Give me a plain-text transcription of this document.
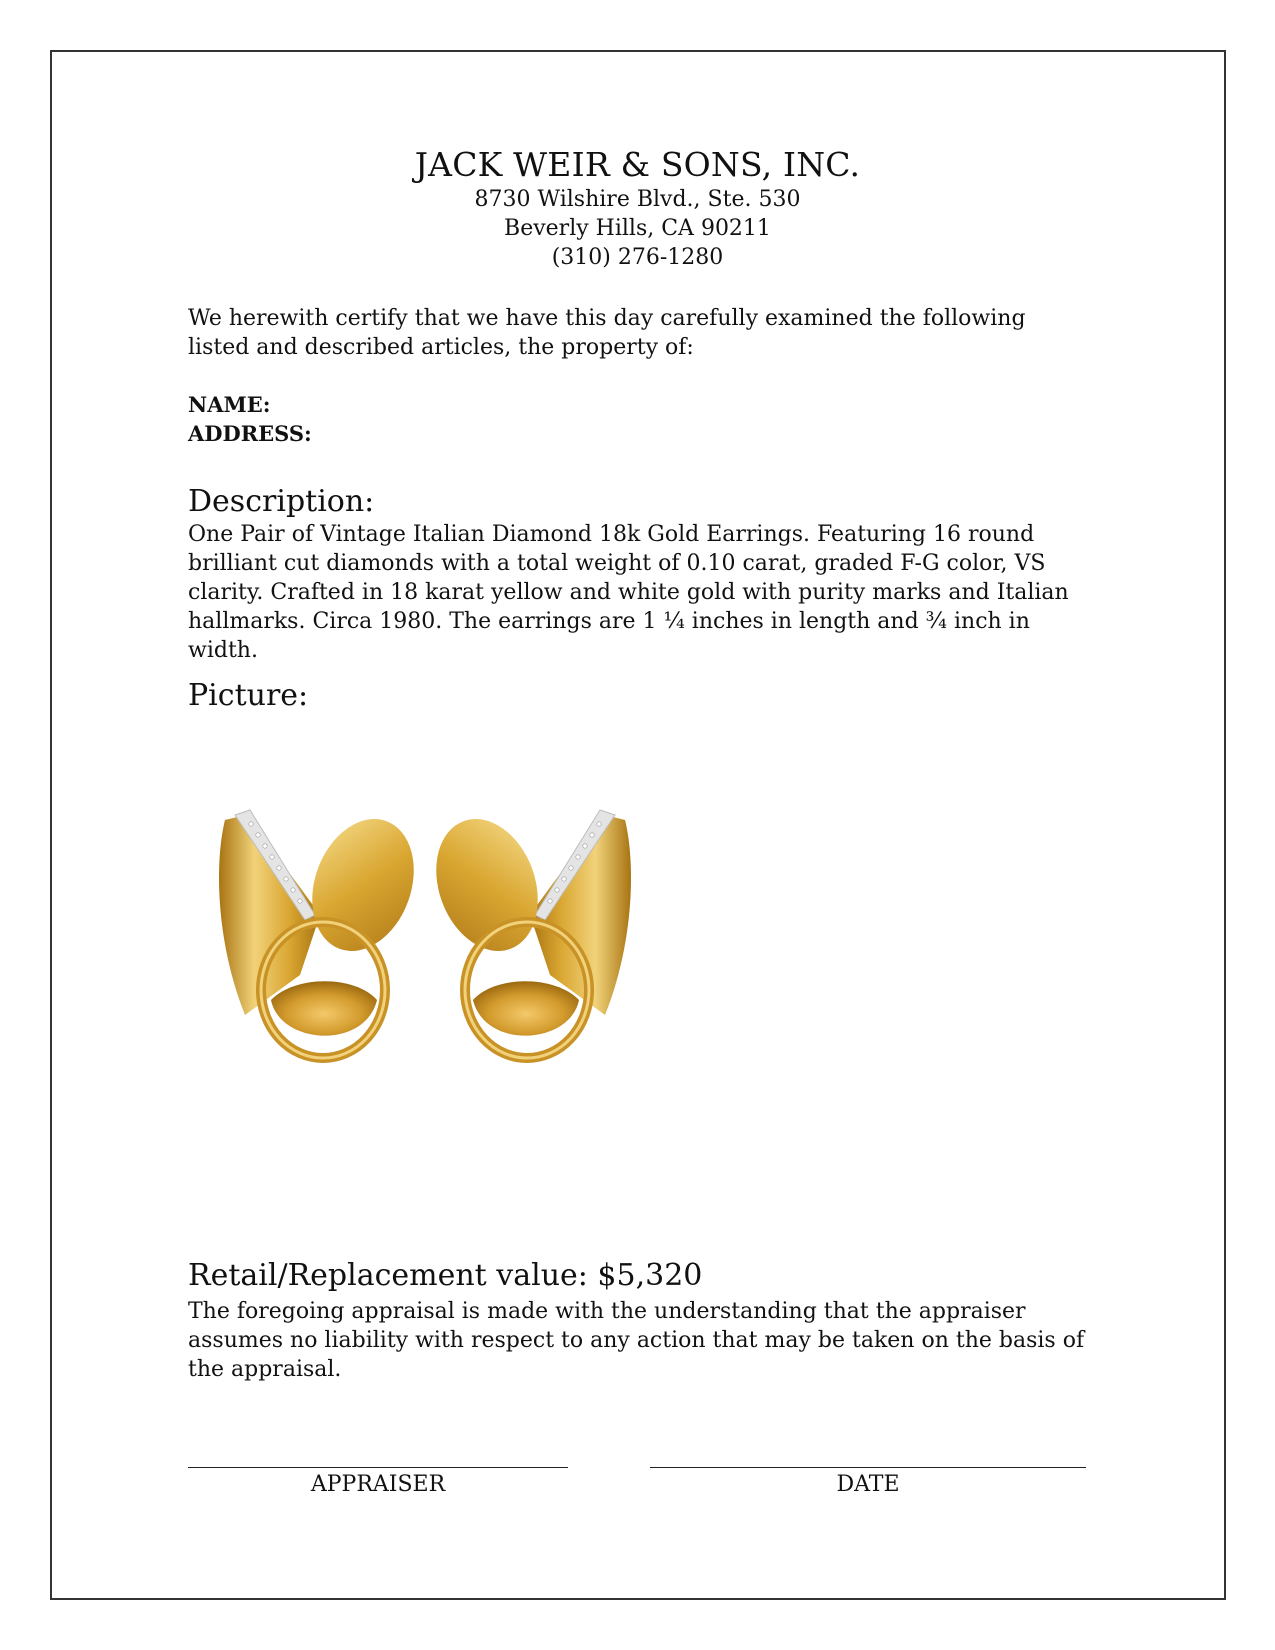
JACK WEIR & SONS, INC.
8730 Wilshire Blvd., Ste. 530
Beverly Hills, CA 90211
(310) 276-1280
We herewith certify that we have this day carefully examined the following listed and described articles, the property of:
NAME:
ADDRESS:
Description:
One Pair of Vintage Italian Diamond 18k Gold Earrings. Featuring 16 round brilliant cut diamonds with a total weight of 0.10 carat, graded F-G color, VS clarity. Crafted in 18 karat yellow and white gold with purity marks and Italian hallmarks. Circa 1980. The earrings are 1 ¼ inches in length and ¾ inch in width.
Picture:
Retail/Replacement value: $5,320
The foregoing appraisal is made with the understanding that the appraiser assumes no liability with respect to any action that may be taken on the basis of the appraisal.
APPRAISER	DATE
